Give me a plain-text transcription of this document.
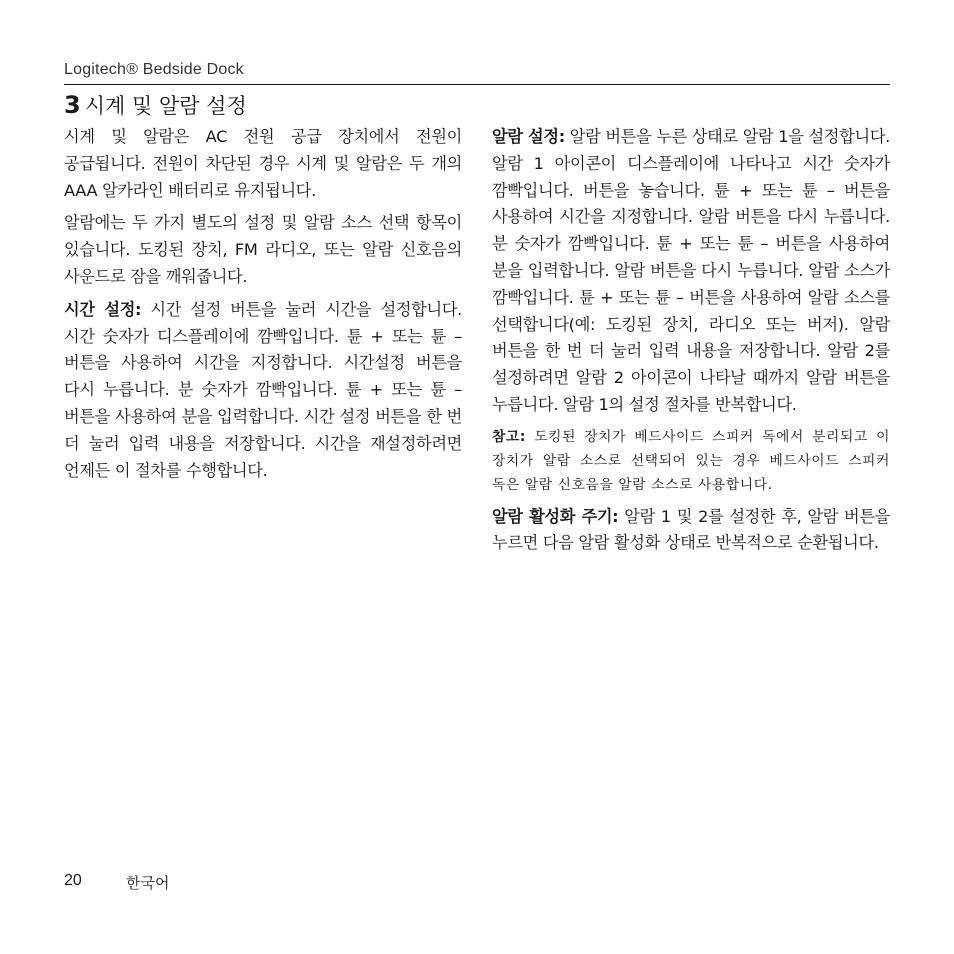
Logitech® Bedside Dock
3 시계 및 알람 설정

시계 및 알람은 AC 전원 공급 장치에서 전원이 공급됩니다. 전원이 차단된 경우 시계 및 알람은 두 개의 AAA 알카라인 배터리로 유지됩니다.

알람에는 두 가지 별도의 설정 및 알람 소스 선택 항목이 있습니다. 도킹된 장치, FM 라디오, 또는 알람 신호음의 사운드로 잠을 깨워줍니다.

시간 설정: 시간 설정 버튼을 눌러 시간을 설정합니다. 시간 숫자가 디스플레이에 깜빡입니다. 튠 + 또는 튠 – 버튼을 사용하여 시간을 지정합니다. 시간설정 버튼을 다시 누릅니다. 분 숫자가 깜빡입니다. 튠 + 또는 튠 – 버튼을 사용하여 분을 입력합니다. 시간 설정 버튼을 한 번 더 눌러 입력 내용을 저장합니다. 시간을 재설정하려면 언제든 이 절차를 수행합니다.

알람 설정: 알람 버튼을 누른 상태로 알람 1을 설정합니다. 알람 1 아이콘이 디스플레이에 나타나고 시간 숫자가 깜빡입니다. 버튼을 놓습니다. 튠 + 또는 튠 – 버튼을 사용하여 시간을 지정합니다. 알람 버튼을 다시 누릅니다. 분 숫자가 깜빡입니다. 튠 + 또는 튠 – 버튼을 사용하여 분을 입력합니다. 알람 버튼을 다시 누릅니다. 알람 소스가 깜빡입니다. 튠 + 또는 튠 – 버튼을 사용하여 알람 소스를 선택합니다(예: 도킹된 장치, 라디오 또는 버저). 알람 버튼을 한 번 더 눌러 입력 내용을 저장합니다. 알람 2를 설정하려면 알람 2 아이콘이 나타날 때까지 알람 버튼을 누릅니다. 알람 1의 설정 절차를 반복합니다.

참고: 도킹된 장치가 베드사이드 스피커 독에서 분리되고 이 장치가 알람 소스로 선택되어 있는 경우 베드사이드 스피커 독은 알람 신호음을 알람 소스로 사용합니다.

알람 활성화 주기: 알람 1 및 2를 설정한 후, 알람 버튼을 누르면 다음 알람 활성화 상태로 반복적으로 순환됩니다.

20	한국어
